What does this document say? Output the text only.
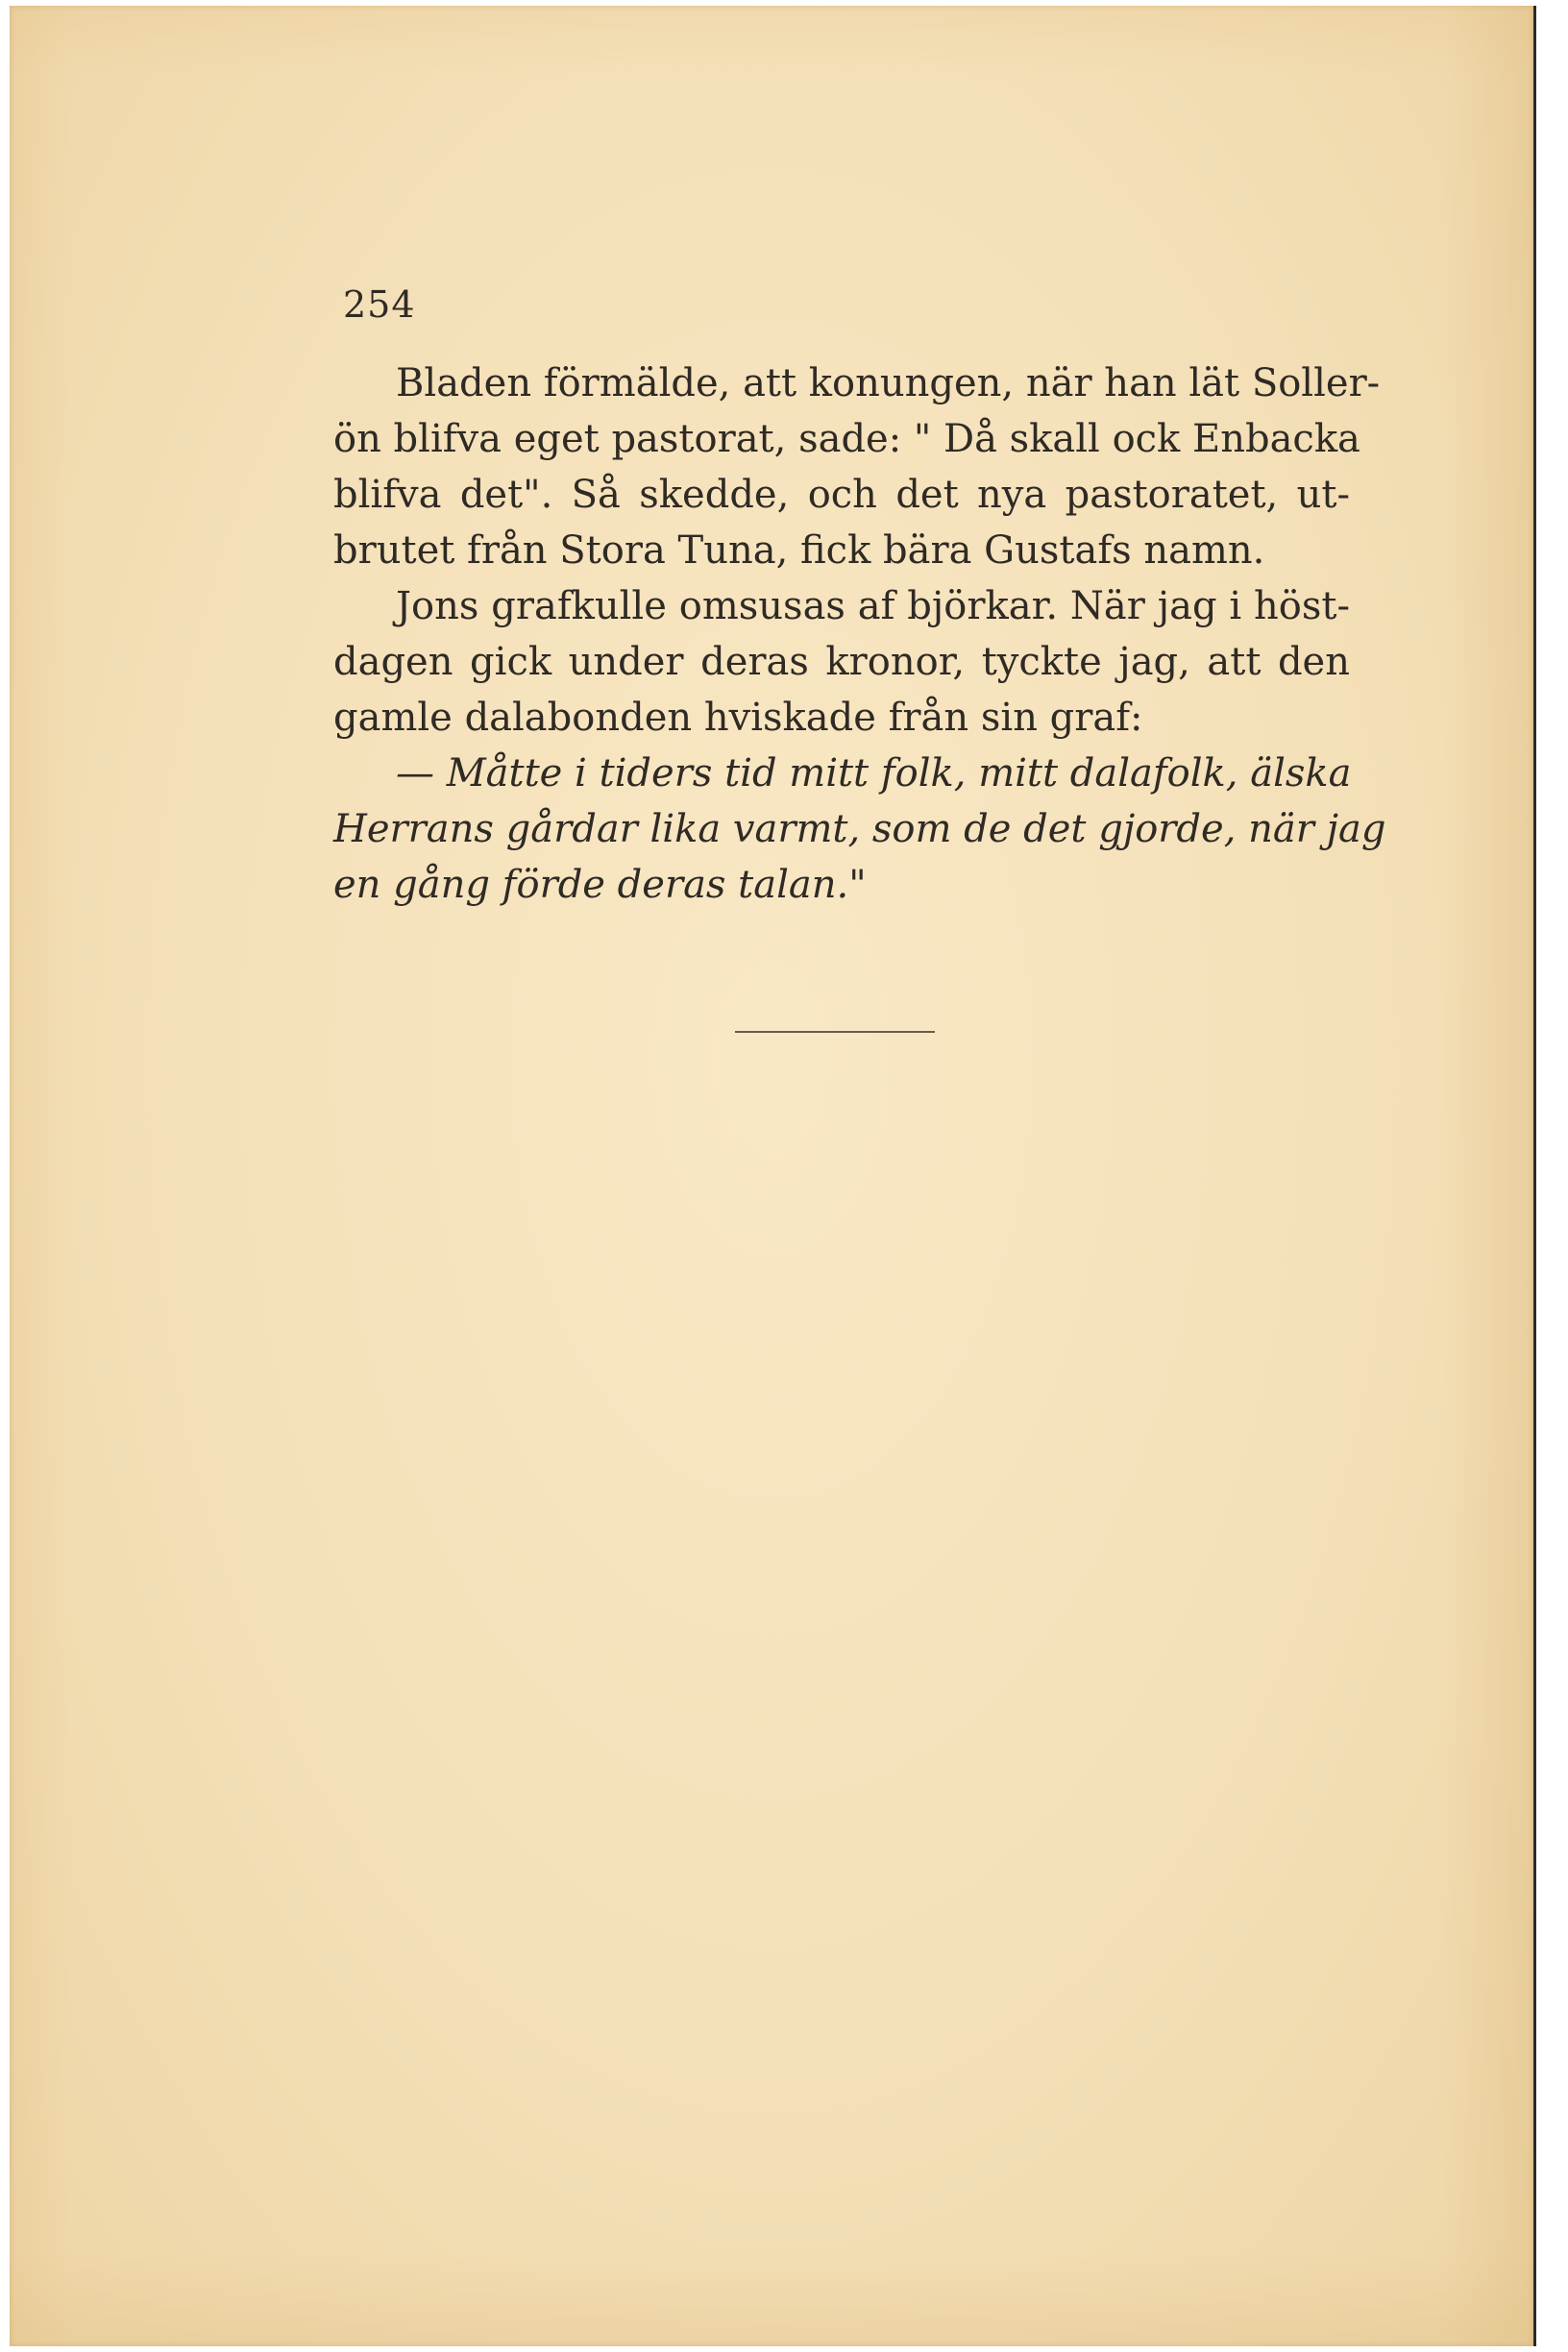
254
Bladen förmälde, att konungen, när han lät Soller-
ön blifva eget pastorat, sade: " Då skall ock Enbacka
blifva det". Så skedde, och det nya pastoratet, ut-
brutet från Stora Tuna, fick bära Gustafs namn.
Jons grafkulle omsusas af björkar. När jag i höst-
dagen gick under deras kronor, tyckte jag, att den
gamle dalabonden hviskade från sin graf:
— Måtte i tiders tid mitt folk, mitt dalafolk, älska
Herrans gårdar lika varmt, som de det gjorde, när jag
en gång förde deras talan."
